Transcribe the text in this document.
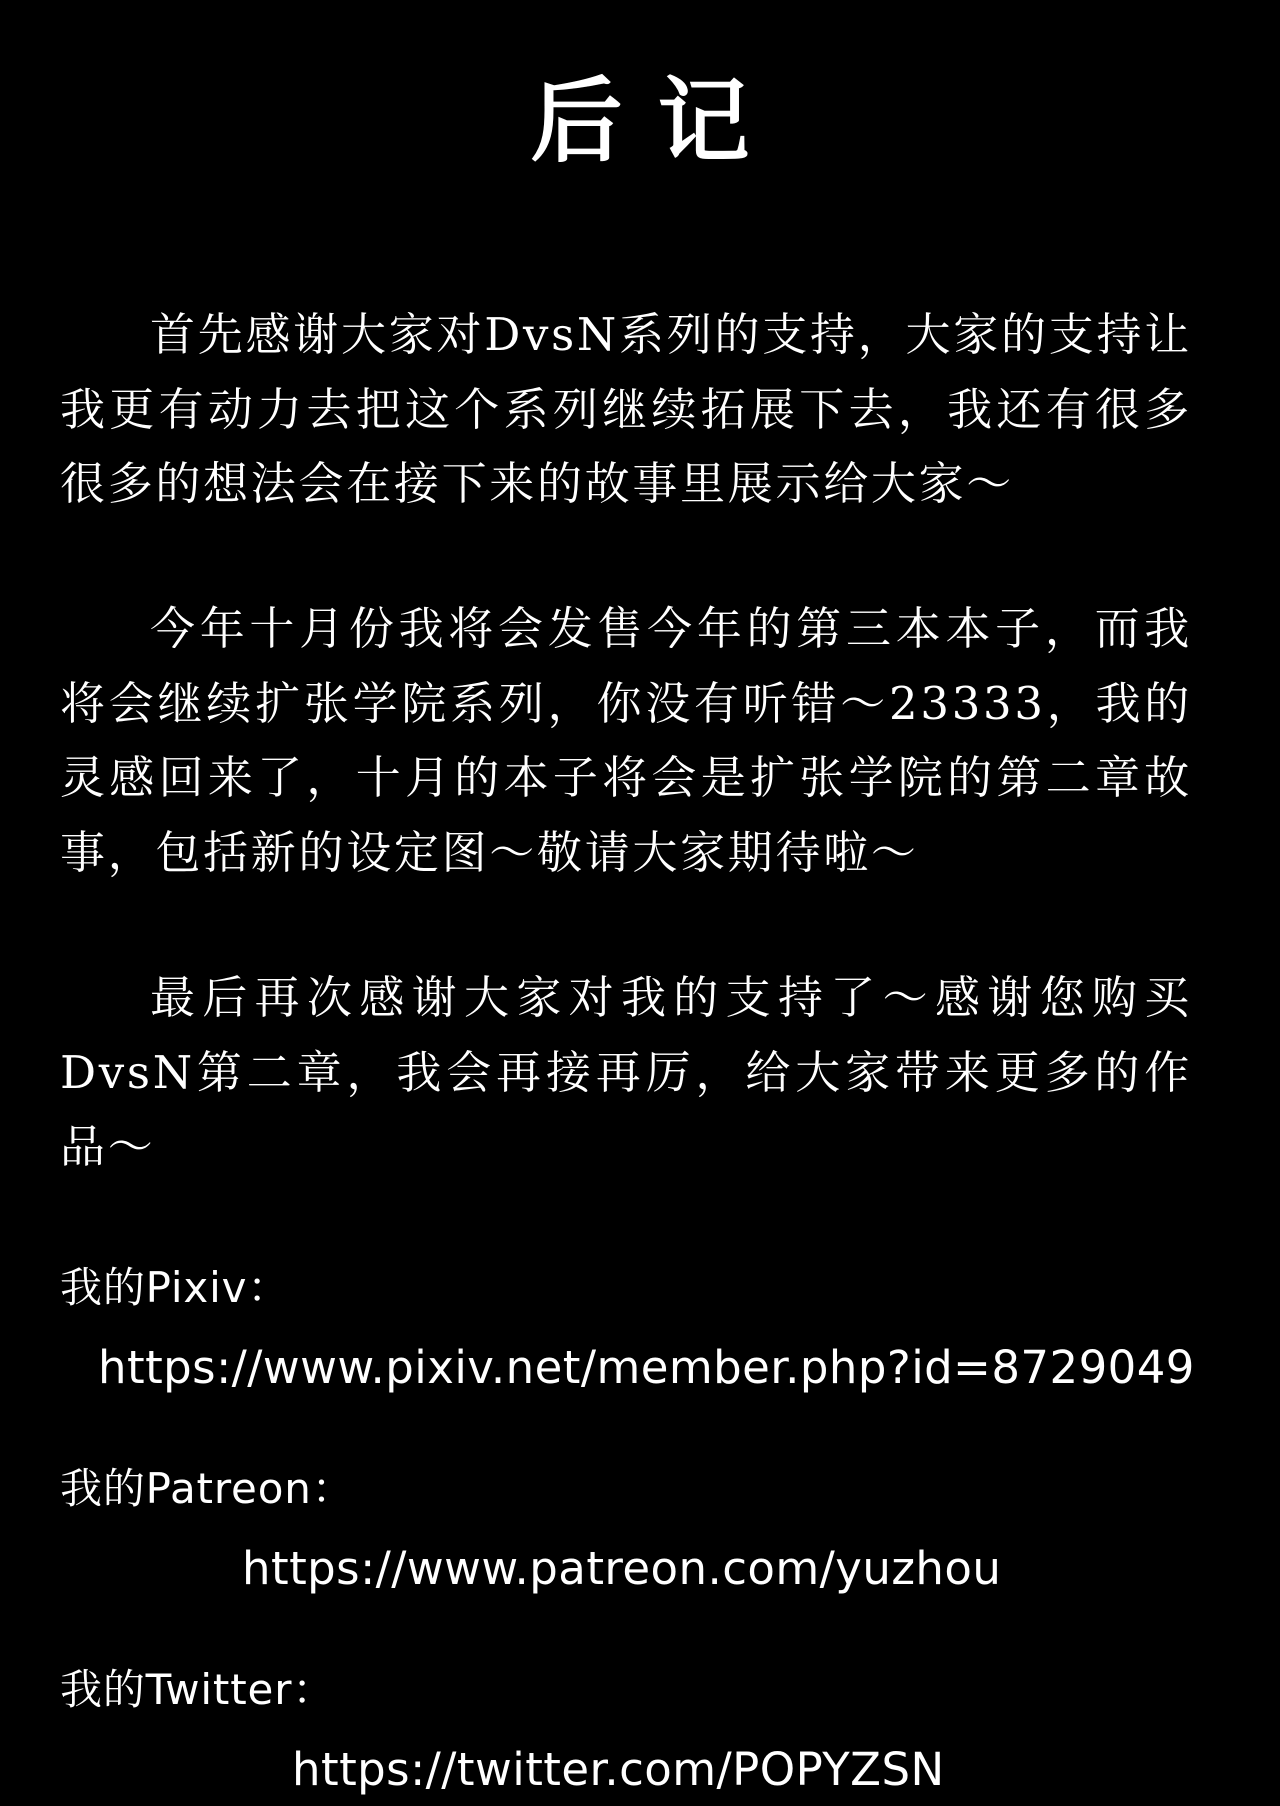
后记

首先感谢大家对DvsN系列的支持，大家的支持让我更有动力去把这个系列继续拓展下去，我还有很多很多的想法会在接下来的故事里展示给大家～

今年十月份我将会发售今年的第三本本子，而我将会继续扩张学院系列，你没有听错～23333，我的灵感回来了，十月的本子将会是扩张学院的第二章故事，包括新的设定图～敬请大家期待啦～

最后再次感谢大家对我的支持了～感谢您购买DvsN第二章，我会再接再厉，给大家带来更多的作品～

我的Pixiv：
https://www.pixiv.net/member.php?id=8729049
我的Patreon：
https://www.patreon.com/yuzhou
我的Twitter：
https://twitter.com/POPYZSN
